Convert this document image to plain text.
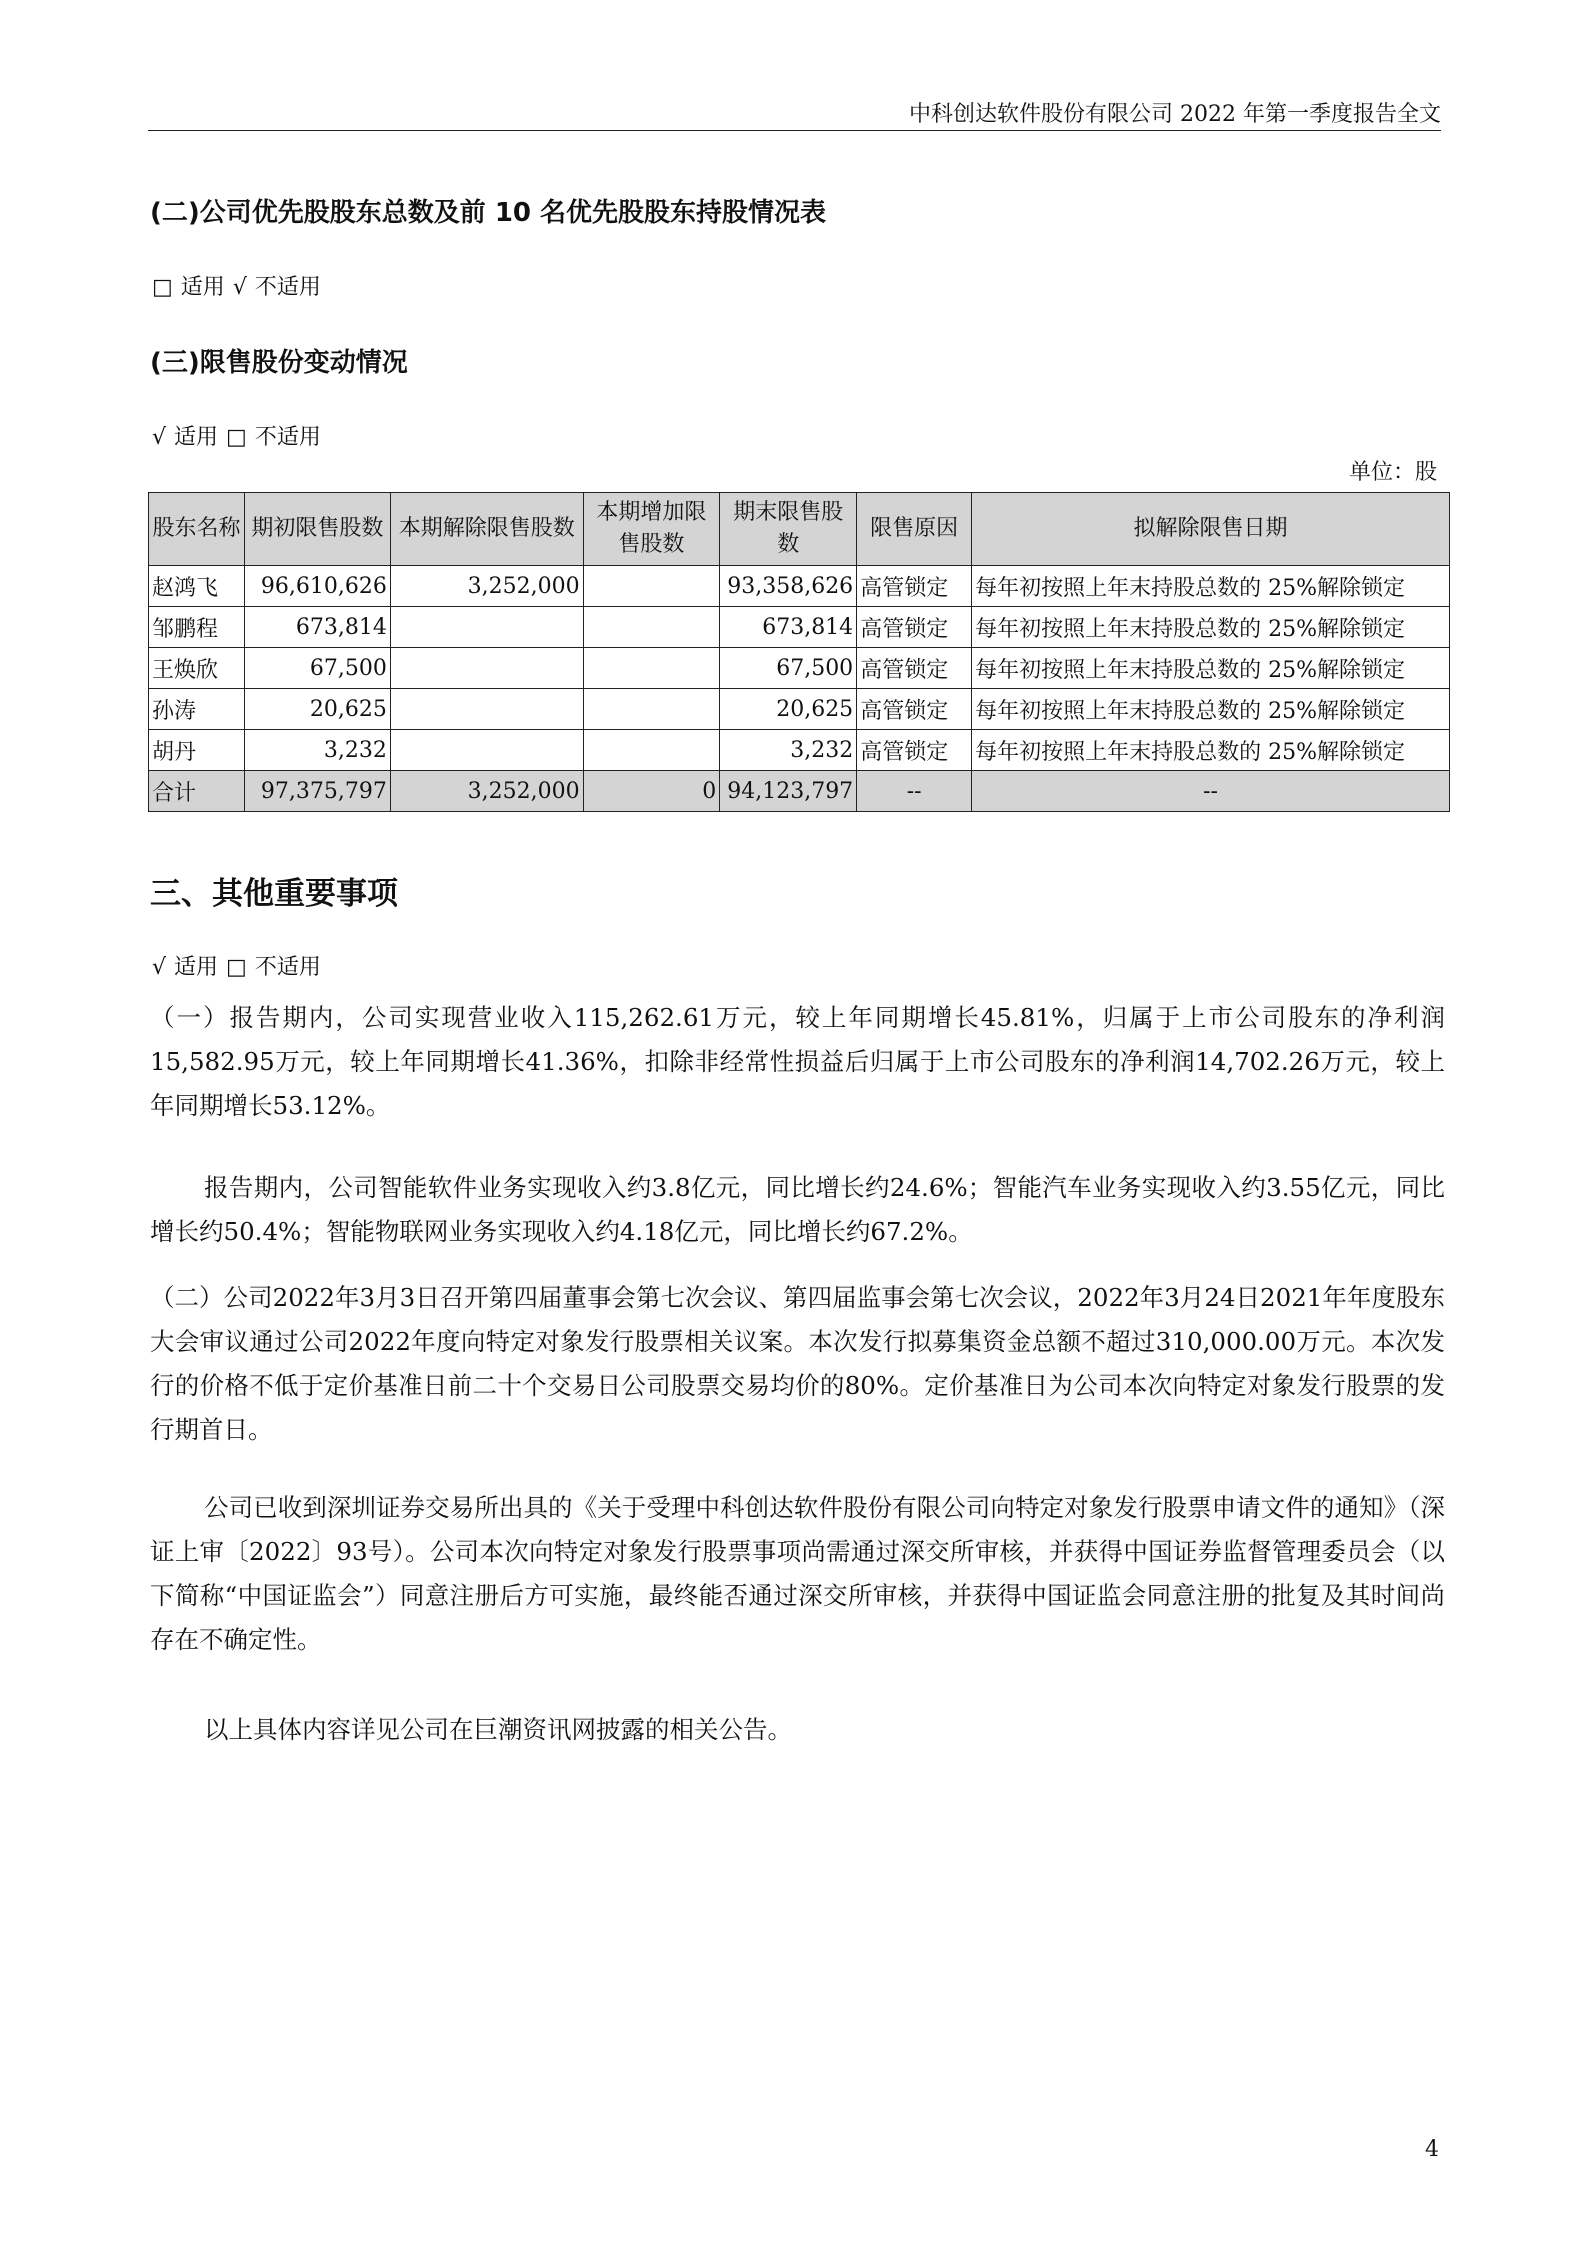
中科创达软件股份有限公司 2022 年第一季度报告全文
(二)公司优先股股东总数及前 10 名优先股股东持股情况表
□ 适用 √ 不适用
(三)限售股份变动情况
√ 适用 □ 不适用
单位：股
股东名称	期初限售股数	本期解除限售股数	本期增加限售股数	期末限售股数	限售原因	拟解除限售日期
赵鸿飞	96,610,626	3,252,000		93,358,626	高管锁定	每年初按照上年末持股总数的 25%解除锁定
邹鹏程	673,814			673,814	高管锁定	每年初按照上年末持股总数的 25%解除锁定
王焕欣	67,500			67,500	高管锁定	每年初按照上年末持股总数的 25%解除锁定
孙涛	20,625			20,625	高管锁定	每年初按照上年末持股总数的 25%解除锁定
胡丹	3,232			3,232	高管锁定	每年初按照上年末持股总数的 25%解除锁定
合计	97,375,797	3,252,000	0	94,123,797	--	--
三、其他重要事项
√ 适用 □ 不适用
（一）报告期内，公司实现营业收入115,262.61万元，较上年同期增长45.81%，归属于上市公司股东的净利润15,582.95万元，较上年同期增长41.36%，扣除非经常性损益后归属于上市公司股东的净利润14,702.26万元，较上年同期增长53.12%。
报告期内，公司智能软件业务实现收入约3.8亿元，同比增长约24.6%；智能汽车业务实现收入约3.55亿元，同比增长约50.4%；智能物联网业务实现收入约4.18亿元，同比增长约67.2%。
（二）公司2022年3月3日召开第四届董事会第七次会议、第四届监事会第七次会议，2022年3月24日2021年年度股东大会审议通过公司2022年度向特定对象发行股票相关议案。本次发行拟募集资金总额不超过310,000.00万元。本次发行的价格不低于定价基准日前二十个交易日公司股票交易均价的80%。定价基准日为公司本次向特定对象发行股票的发行期首日。
公司已收到深圳证券交易所出具的《关于受理中科创达软件股份有限公司向特定对象发行股票申请文件的通知》（深证上审〔2022〕93号）。公司本次向特定对象发行股票事项尚需通过深交所审核，并获得中国证券监督管理委员会（以下简称“中国证监会”）同意注册后方可实施，最终能否通过深交所审核，并获得中国证监会同意注册的批复及其时间尚存在不确定性。
以上具体内容详见公司在巨潮资讯网披露的相关公告。
4
